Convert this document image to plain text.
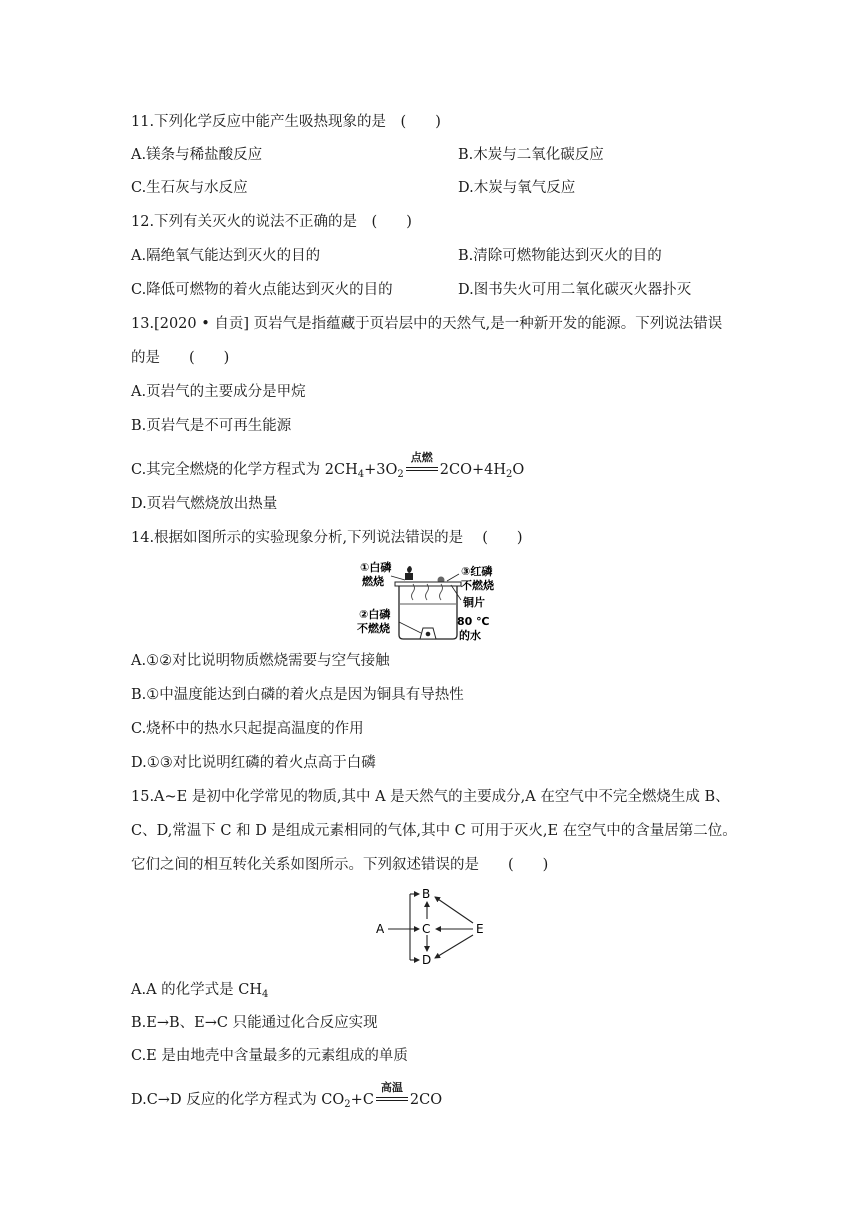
11.下列化学反应中能产生吸热现象的是　(　　)
A.镁条与稀盐酸反应	B.木炭与二氧化碳反应
C.生石灰与水反应	D.木炭与氧气反应
12.下列有关灭火的说法不正确的是　(　　)
A.隔绝氧气能达到灭火的目的	B.清除可燃物能达到灭火的目的
C.降低可燃物的着火点能达到灭火的目的	D.图书失火可用二氧化碳灭火器扑灭
13.[2020 • 自贡] 页岩气是指蕴藏于页岩层中的天然气,是一种新开发的能源。下列说法错误
的是　　(　　)
A.页岩气的主要成分是甲烷
B.页岩气是不可再生能源
C.其完全燃烧的化学方程式为 $2CH_4+3O_2$
点燃
$2CO+4H_2O$
D.页岩气燃烧放出热量
14.根据如图所示的实验现象分析,下列说法错误的是　 (　　)
①白磷
燃烧
③红磷
不燃烧
②白磷
不燃烧
铜片
80 ℃
的水
A.①②对比说明物质燃烧需要与空气接触
B.①中温度能达到白磷的着火点是因为铜具有导热性
C.烧杯中的热水只起提高温度的作用
D.①③对比说明红磷的着火点高于白磷
15.A~E 是初中化学常见的物质,其中 A 是天然气的主要成分,A 在空气中不完全燃烧生成 B、
C、D,常温下 C 和 D 是组成元素相同的气体,其中 C 可用于灭火,E 在空气中的含量居第二位。
它们之间的相互转化关系如图所示。下列叙述错误的是　　(　　)
A
B
C
D
E
A.A 的化学式是 $CH_4$
B.E→B、E→C 只能通过化合反应实现
C.E 是由地壳中含量最多的元素组成的单质
D.C→D 反应的化学方程式为 $CO_2+C$
高温
2CO
